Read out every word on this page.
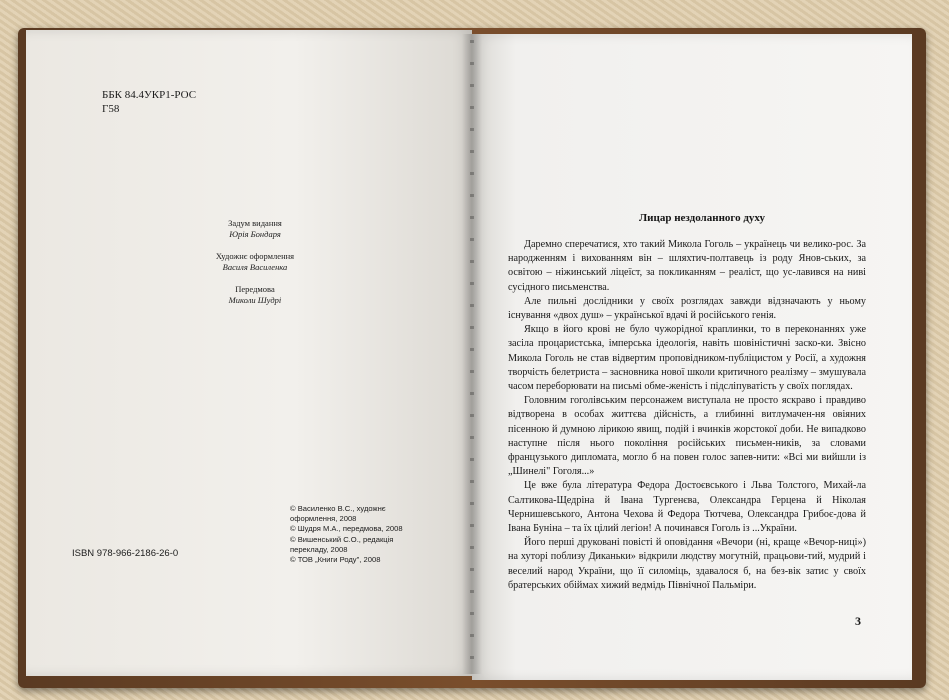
ББК 84.4УКР1-РОС
Г58
Задум видання
Юрія Бондаря
Художнє оформлення
Василя Василенка
Передмова
Миколи Шудрі
ISBN 978-966-2186-26-0
© Василенко В.С., художнє
оформлення, 2008
© Шудря М.А., передмова, 2008
© Вишенський С.О., редакція
перекладу, 2008
© ТОВ „Книги Роду", 2008
Лицар нездоланного духу

Даремно сперечатися, хто такий Микола Гоголь – українець чи велико-рос. За народженням і вихованням він – шляхтич-полтавець із роду Янов-ських, за освітою – ніжинський ліцеїст, за покликанням – реаліст, що ус-лавився на ниві сусідного письменства.

Але пильні дослідники у своїх розглядах завжди відзначають у ньому існування «двох душ» – української вдачі й російського генія.

Якщо в його крові не було чужорідної краплинки, то в переконаннях уже засіла процаристська, імперська ідеологія, навіть шовіністичні заско-ки. Звісно Микола Гоголь не став відвертим проповідником-публіцистом у Росії, а художня творчість белетриста – засновника нової школи критичного реалізму – змушувала часом переборювати на письмі обме-женість і підсліпуватість у своїх поглядах.

Головним гоголівським персонажем виступала не просто яскраво і правдиво відтворена в особах життєва дійсність, а глибинні витлумачен-ня овіяних пісенною й думною лірикою явищ, подій і вчинків жорстокої доби. Не випадково наступне після нього покоління російських письмен-ників, за словами французького дипломата, могло б на повен голос запев-нити: «Всі ми вийшли із „Шинелі" Гоголя...»

Це вже була література Федора Достоєвського і Льва Толстого, Михай-ла Салтикова-Щедріна й Івана Тургенєва, Олександра Герцена й Ніколая Чернишевського, Антона Чехова й Федора Тютчева, Олександра Грибоє-дова й Івана Буніна – та їх цілий легіон! А починався Гоголь із ...України.

Його перші друковані повісті й оповідання «Вечори (ні, краще «Вечор-ниці») на хуторі поблизу Диканьки» відкрили людству могутній, працьови-тий, мудрий і веселий народ України, що її силоміць, здавалося б, на без-вік затис у своїх братерських обіймах хижий ведмідь Північної Пальміри.

3
